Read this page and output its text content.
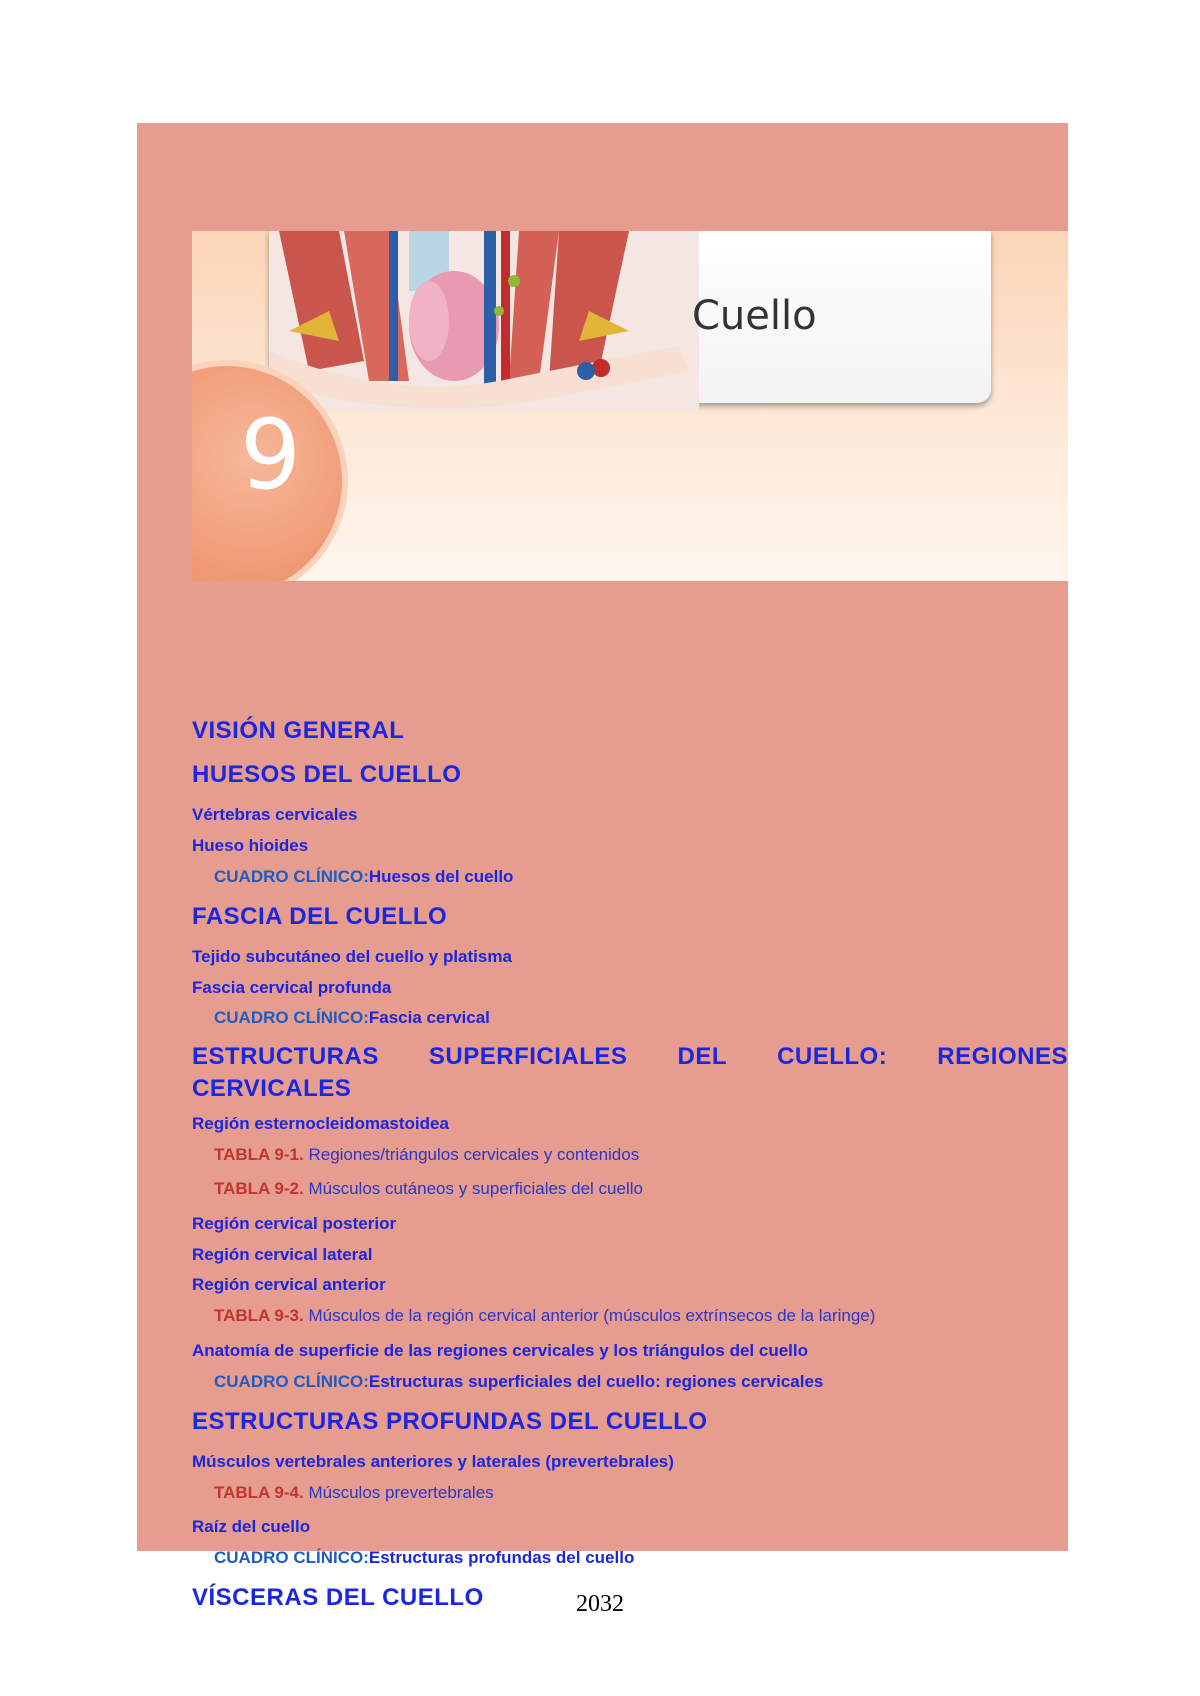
Cuello
9
VISIÓN GENERAL
HUESOS DEL CUELLO
Vértebras cervicales
Hueso hioides
CUADRO CLÍNICO:Huesos del cuello
FASCIA DEL CUELLO
Tejido subcutáneo del cuello y platisma
Fascia cervical profunda
CUADRO CLÍNICO:Fascia cervical
ESTRUCTURAS SUPERFICIALES DEL CUELLO: REGIONES
CERVICALES
Región esternocleidomastoidea
TABLA 9-1. Regiones/triángulos cervicales y contenidos
TABLA 9-2. Músculos cutáneos y superficiales del cuello
Región cervical posterior
Región cervical lateral
Región cervical anterior
TABLA 9-3. Músculos de la región cervical anterior (músculos extrínsecos de la laringe)
Anatomía de superficie de las regiones cervicales y los triángulos del cuello
CUADRO CLÍNICO:Estructuras superficiales del cuello: regiones cervicales
ESTRUCTURAS PROFUNDAS DEL CUELLO
Músculos vertebrales anteriores y laterales (prevertebrales)
TABLA 9-4. Músculos prevertebrales
Raíz del cuello
CUADRO CLÍNICO:Estructuras profundas del cuello
VÍSCERAS DEL CUELLO	2032
